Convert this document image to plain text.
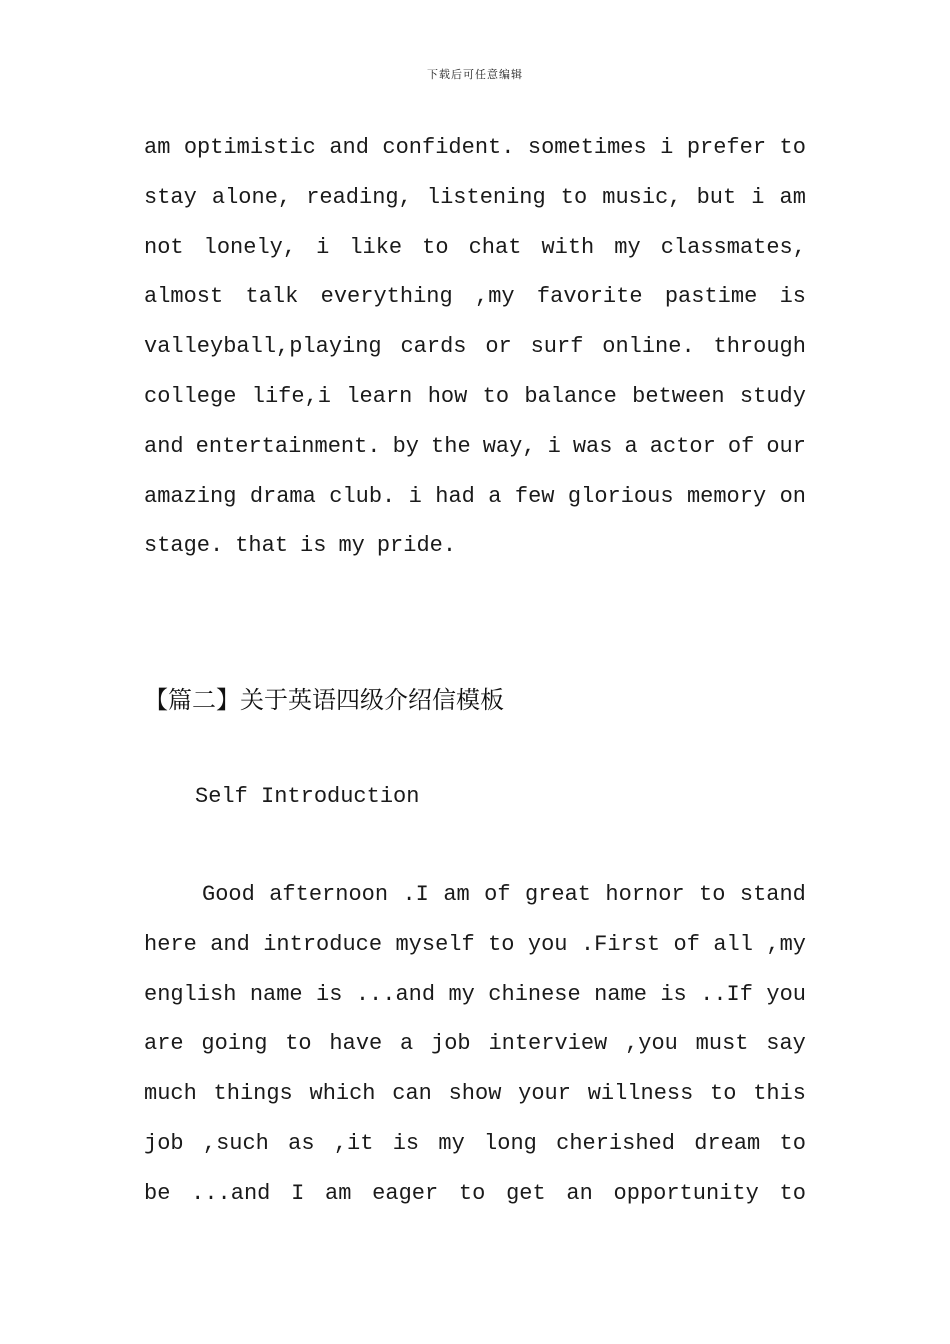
下载后可任意编辑
am optimistic and confident. sometimes i prefer to
stay alone, reading, listening to music, but i am
not lonely, i like to chat with my classmates,
almost talk everything ,my favorite pastime is
valleyball,playing cards or surf online. through
college life,i learn how to balance between study
and entertainment. by the way, i was a actor of our
amazing drama club. i had a few glorious memory on
stage. that is my pride.
【篇二】关于英语四级介绍信模板
Self Introduction
Good afternoon .I am of great hornor to stand
here and introduce myself to you .First of all ,my
english name is ...and my chinese name is ..If you
are going to have a job interview ,you must say
much things which can show your willness to this
job ,such as ,it is my long cherished dream to
be ...and I am eager to get an opportunity to
